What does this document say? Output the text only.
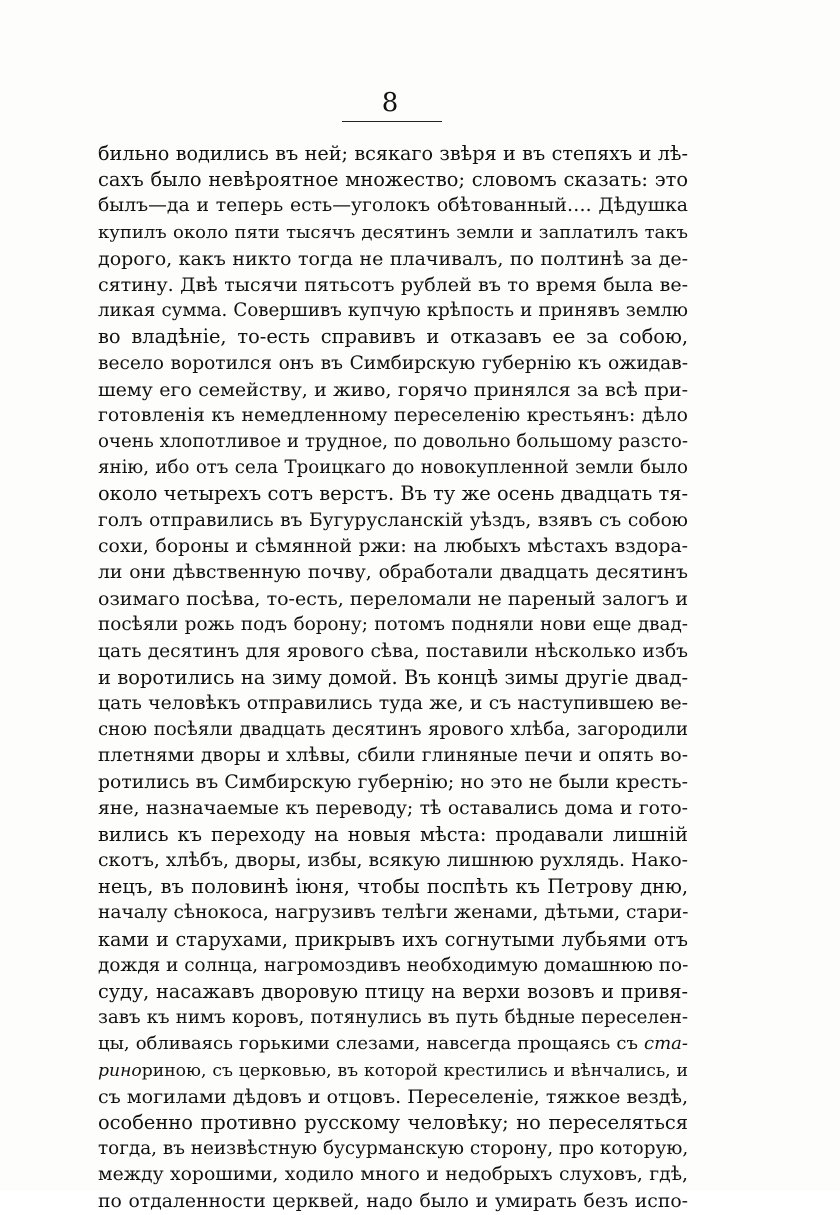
8
бильно водились въ ней; всякаго звѣря и въ степяхъ и лѣ-
сахъ было невѣроятное множество; словомъ сказать: это
былъ—да и теперь есть—уголокъ обѣтованный…. Дѣдушка
купилъ около пяти тысячъ десятинъ земли и заплатилъ такъ
дорого, какъ никто тогда не плачивалъ, по полтинѣ за де-
сятину. Двѣ тысячи пятьсотъ рублей въ то время была ве-
ликая сумма. Совершивъ купчую крѣпость и принявъ землю
во владѣніе, то-есть справивъ и отказавъ ее за собою,
весело воротился онъ въ Симбирскую губернію къ ожидав-
шему его семейству, и живо, горячо принялся за всѣ при-
готовленія къ немедленному переселенію крестьянъ: дѣло
очень хлопотливое и трудное, по довольно большому разсто-
янію, ибо отъ села Троицкаго до новокупленной земли было
около четырехъ сотъ верстъ. Въ ту же осень двадцать тя-
голъ отправились въ Бугурусланскій уѣздъ, взявъ съ собою
сохи, бороны и сѣмянной ржи: на любыхъ мѣстахъ вздора-
ли они дѣвственную почву, обработали двадцать десятинъ
озимаго посѣва, то-есть, переломали не пареный залогъ и
посѣяли рожь подъ борону; потомъ подняли нови еще двад-
цать десятинъ для ярового сѣва, поставили нѣсколько избъ
и воротились на зиму домой. Въ концѣ зимы другіе двад-
цать человѣкъ отправились туда же, и съ наступившею ве-
сною посѣяли двадцать десятинъ ярового хлѣба, загородили
плетнями дворы и хлѣвы, сбили глиняные печи и опять во-
ротились въ Симбирскую губернію; но это не были кресть-
яне, назначаемые къ переводу; тѣ оставались дома и гото-
вились къ переходу на новыя мѣста: продавали лишній
скотъ, хлѣбъ, дворы, избы, всякую лишнюю рухлядь. Нако-
нецъ, въ половинѣ іюня, чтобы поспѣть къ Петрову дню,
началу сѣнокоса, нагрузивъ телѣги женами, дѣтьми, стари-
ками и старухами, прикрывъ ихъ согнутыми лубьями отъ
дождя и солнца, нагромоздивъ необходимую домашнюю по-
суду, насажавъ дворовую птицу на верхи возовъ и привя-
завъ къ нимъ коровъ, потянулись въ путь бѣдные переселен-
цы, обливаясь горькими слезами, навсегда прощаясь съ ста-
ринориною, съ церковью, въ которой крестились и вѣнчались, и
съ могилами дѣдовъ и отцовъ. Переселеніе, тяжкое вездѣ,
особенно противно русскому человѣку; но переселяться
тогда, въ неизвѣстную бусурманскую сторону, про которую,
между хорошими, ходило много и недобрыхъ слуховъ, гдѣ,
по отдаленности церквей, надо было и умирать безъ испо-
